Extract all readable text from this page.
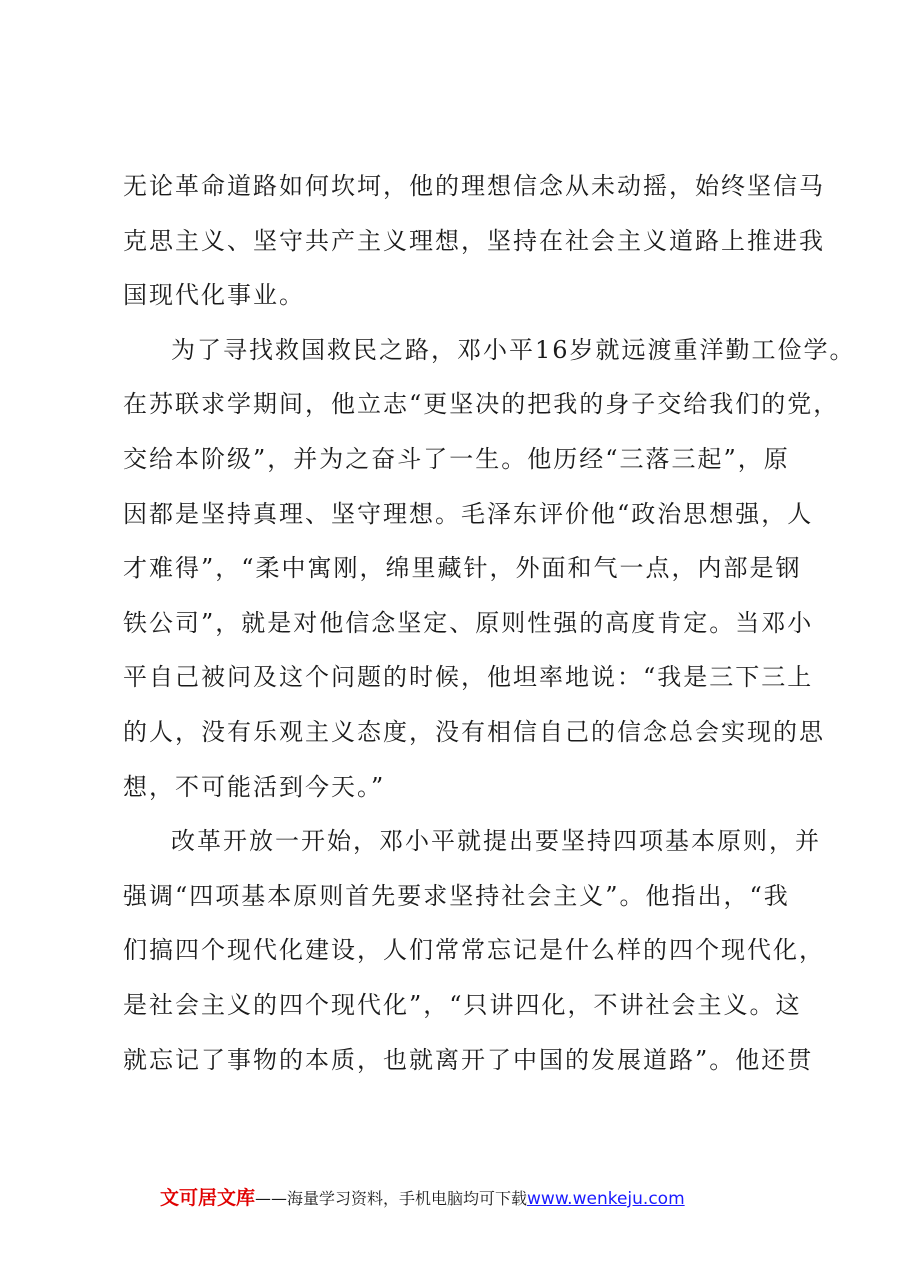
无论革命道路如何坎坷，他的理想信念从未动摇，始终坚信马
克思主义、坚守共产主义理想，坚持在社会主义道路上推进我
国现代化事业。
为了寻找救国救民之路，邓小平16岁就远渡重洋勤工俭学。
在苏联求学期间，他立志“更坚决的把我的身子交给我们的党，
交给本阶级”，并为之奋斗了一生。他历经“三落三起”，原
因都是坚持真理、坚守理想。毛泽东评价他“政治思想强，人
才难得”，“柔中寓刚，绵里藏针，外面和气一点，内部是钢
铁公司”，就是对他信念坚定、原则性强的高度肯定。当邓小
平自己被问及这个问题的时候，他坦率地说：“我是三下三上
的人，没有乐观主义态度，没有相信自己的信念总会实现的思
想，不可能活到今天。”
改革开放一开始，邓小平就提出要坚持四项基本原则，并
强调“四项基本原则首先要求坚持社会主义”。他指出，“我
们搞四个现代化建设，人们常常忘记是什么样的四个现代化，
是社会主义的四个现代化”，“只讲四化，不讲社会主义。这
就忘记了事物的本质，也就离开了中国的发展道路”。他还贯
文可居文库——海量学习资料，手机电脑均可下载www.wenkeju.com
